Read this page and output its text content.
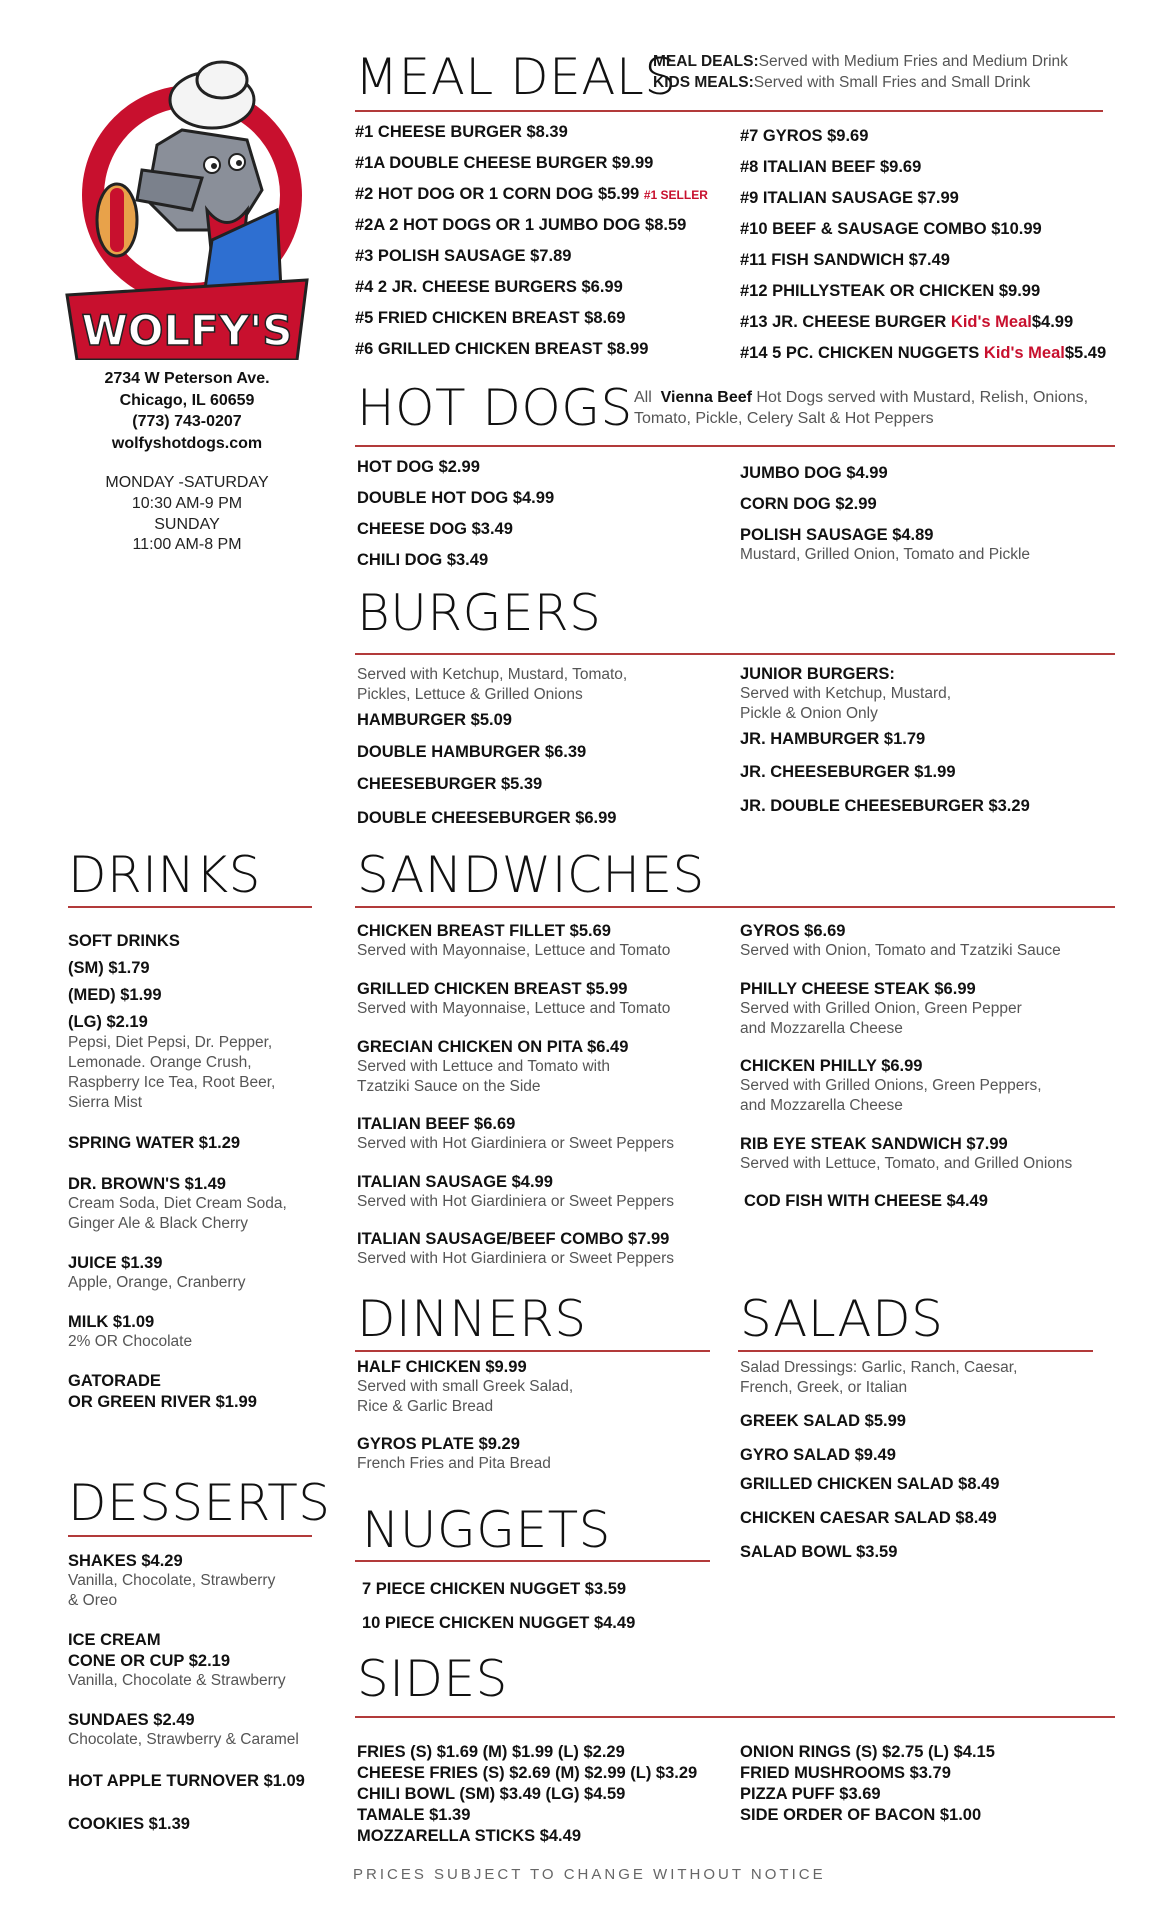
WOLFY'S
2734 W Peterson Ave.
Chicago, IL 60659
(773) 743-0207
wolfyshotdogs.com
MONDAY -SATURDAY
10:30 AM-9 PM
SUNDAY
11:00 AM-8 PM
MEAL DEALS
MEAL DEALS:Served with Medium Fries and Medium Drink
KIDS MEALS:Served with Small Fries and Small Drink
#1 CHEESE BURGER $8.39
#1A DOUBLE CHEESE BURGER $9.99
#2 HOT DOG OR 1 CORN DOG $5.99 #1 SELLER
#2A 2 HOT DOGS OR 1 JUMBO DOG $8.59
#3 POLISH SAUSAGE $7.89
#4 2 JR. CHEESE BURGERS $6.99
#5 FRIED CHICKEN BREAST $8.69
#6 GRILLED CHICKEN BREAST $8.99
#7 GYROS $9.69
#8 ITALIAN BEEF $9.69
#9 ITALIAN SAUSAGE $7.99
#10 BEEF & SAUSAGE COMBO $10.99
#11 FISH SANDWICH $7.49
#12 PHILLYSTEAK OR CHICKEN $9.99
#13 JR. CHEESE BURGER Kid's Meal$4.99
#14 5 PC. CHICKEN NUGGETS Kid's Meal$5.49
HOT DOGS All Vienna Beef Hot Dogs served with Mustard, Relish, Onions,
Tomato, Pickle, Celery Salt & Hot Peppers
HOT DOG $2.99
DOUBLE HOT DOG $4.99
CHEESE DOG $3.49
CHILI DOG $3.49
JUMBO DOG $4.99
CORN DOG $2.99
POLISH SAUSAGE $4.89
Mustard, Grilled Onion, Tomato and Pickle
BURGERS
Served with Ketchup, Mustard, Tomato,
Pickles, Lettuce & Grilled Onions
HAMBURGER $5.09
DOUBLE HAMBURGER $6.39
CHEESEBURGER $5.39
DOUBLE CHEESEBURGER $6.99
JUNIOR BURGERS:
Served with Ketchup, Mustard,
Pickle & Onion Only
JR. HAMBURGER $1.79
JR. CHEESEBURGER $1.99
JR. DOUBLE CHEESEBURGER $3.29
DRINKS
SOFT DRINKS
(SM) $1.79
(MED) $1.99
(LG) $2.19
Pepsi, Diet Pepsi, Dr. Pepper,
Lemonade. Orange Crush,
Raspberry Ice Tea, Root Beer,
Sierra Mist
SPRING WATER $1.29
DR. BROWN'S $1.49
Cream Soda, Diet Cream Soda,
Ginger Ale & Black Cherry
JUICE $1.39
Apple, Orange, Cranberry
MILK $1.09
2% OR Chocolate
GATORADE
OR GREEN RIVER $1.99
DESSERTS
SHAKES $4.29
Vanilla, Chocolate, Strawberry
& Oreo
ICE CREAM
CONE OR CUP $2.19
Vanilla, Chocolate & Strawberry
SUNDAES $2.49
Chocolate, Strawberry & Caramel
HOT APPLE TURNOVER $1.09
COOKIES $1.39
SANDWICHES
CHICKEN BREAST FILLET $5.69
Served with Mayonnaise, Lettuce and Tomato
GRILLED CHICKEN BREAST $5.99
Served with Mayonnaise, Lettuce and Tomato
GRECIAN CHICKEN ON PITA $6.49
Served with Lettuce and Tomato with
Tzatziki Sauce on the Side
ITALIAN BEEF $6.69
Served with Hot Giardiniera or Sweet Peppers
ITALIAN SAUSAGE $4.99
Served with Hot Giardiniera or Sweet Peppers
ITALIAN SAUSAGE/BEEF COMBO $7.99
Served with Hot Giardiniera or Sweet Peppers
GYROS $6.69
Served with Onion, Tomato and Tzatziki Sauce
PHILLY CHEESE STEAK $6.99
Served with Grilled Onion, Green Pepper
and Mozzarella Cheese
CHICKEN PHILLY $6.99
Served with Grilled Onions, Green Peppers,
and Mozzarella Cheese
RIB EYE STEAK SANDWICH $7.99
Served with Lettuce, Tomato, and Grilled Onions
COD FISH WITH CHEESE $4.49
DINNERS
HALF CHICKEN $9.99
Served with small Greek Salad,
Rice & Garlic Bread
GYROS PLATE $9.29
French Fries and Pita Bread
SALADS
Salad Dressings: Garlic, Ranch, Caesar,
French, Greek, or Italian
GREEK SALAD $5.99
GYRO SALAD $9.49
GRILLED CHICKEN SALAD $8.49
CHICKEN CAESAR SALAD $8.49
SALAD BOWL $3.59
NUGGETS
7 PIECE CHICKEN NUGGET $3.59
10 PIECE CHICKEN NUGGET $4.49
SIDES
FRIES (S) $1.69 (M) $1.99 (L) $2.29
CHEESE FRIES (S) $2.69 (M) $2.99 (L) $3.29
CHILI BOWL (SM) $3.49 (LG) $4.59
TAMALE $1.39
MOZZARELLA STICKS $4.49
ONION RINGS (S) $2.75 (L) $4.15
FRIED MUSHROOMS $3.79
PIZZA PUFF $3.69
SIDE ORDER OF BACON $1.00
PRICES SUBJECT TO CHANGE WITHOUT NOTICE
